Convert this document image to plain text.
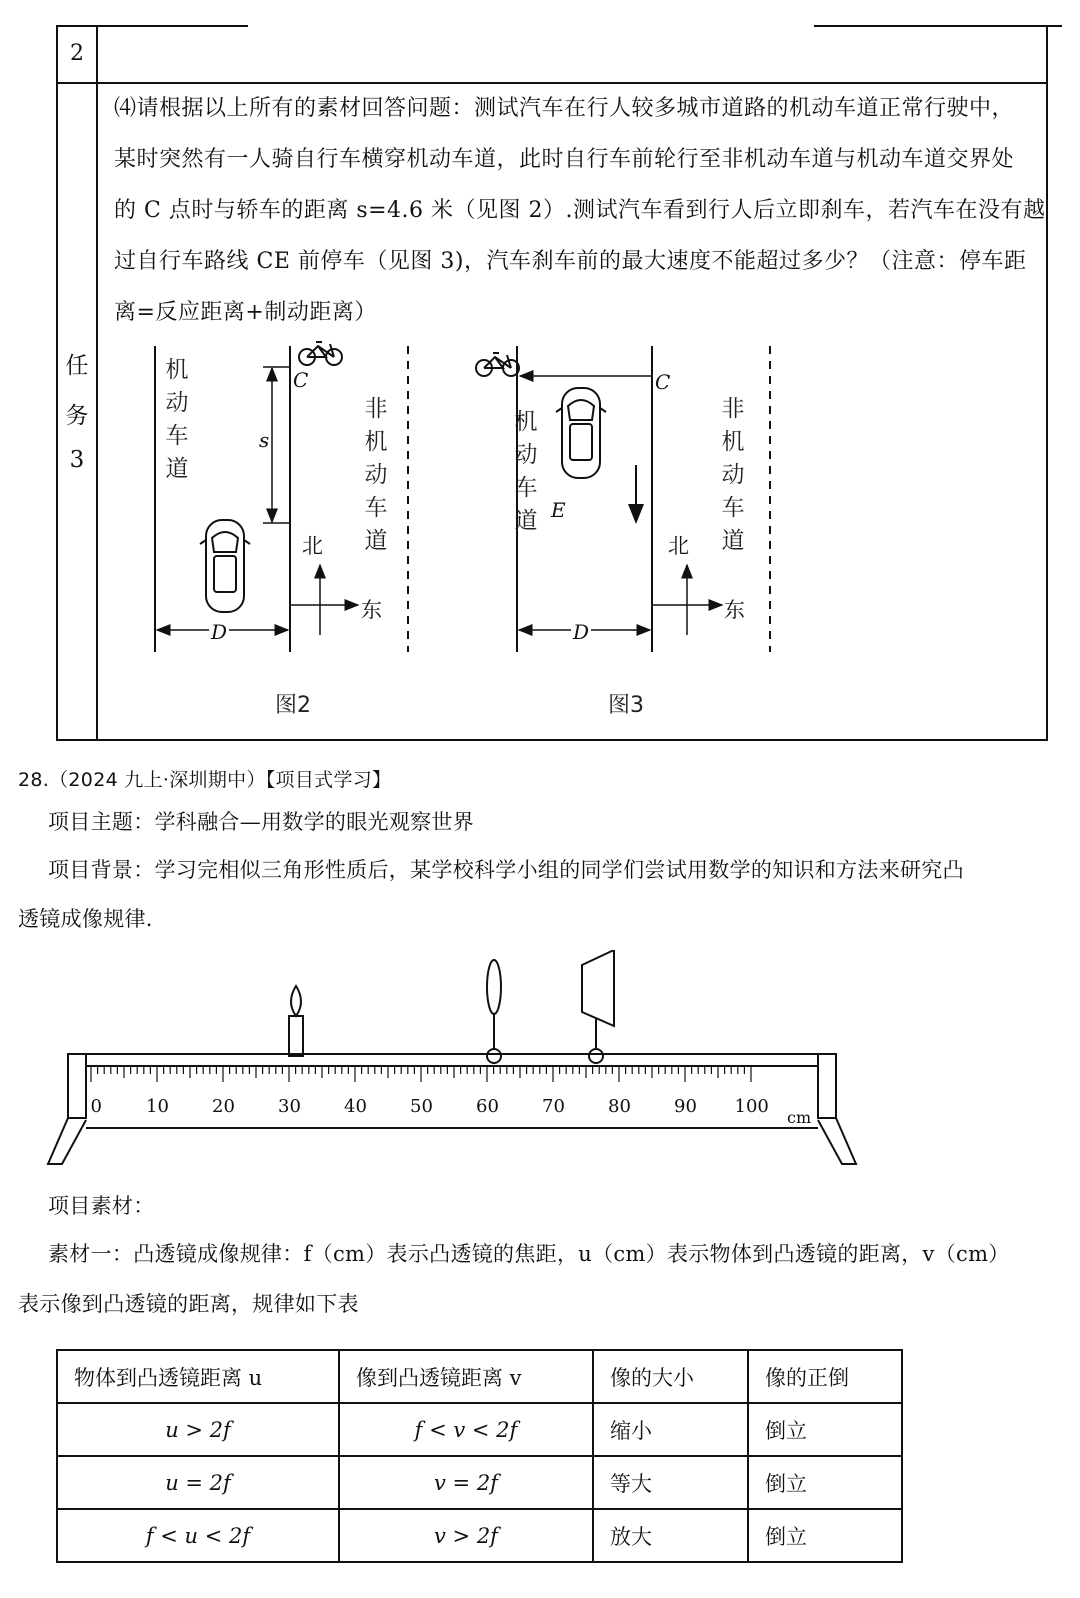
2
任
务
3

⑷请根据以上所有的素材回答问题：测试汽车在行人较多城市道路的机动车道正常行驶中，

某时突然有一人骑自行车横穿机动车道，此时自行车前轮行至非机动车道与机动车道交界处

的 C 点时与轿车的距离 s=4.6 米（见图 2）.测试汽车看到行人后立即刹车，若汽车在没有越

过自行车路线 CE 前停车（见图 3)，汽车刹车前的最大速度不能超过多少？（注意：停车距

离=反应距离+制动距离）

机
动
车
道
非
机
动
车
道
C
s
D
北
东
图2
机
动
车
道
非
机
动
车
道
C
E
D
北
东
图3
28.（2024 九上·深圳期中）【项目式学习】
项目主题：学科融合—用数学的眼光观察世界
项目背景：学习完相似三角形性质后，某学校科学小组的同学们尝试用数学的知识和方法来研究凸
透镜成像规律.
0 10 20 30 40 50 60 70 80 90 100
cm
项目素材：
素材一：凸透镜成像规律：f（cm）表示凸透镜的焦距，u（cm）表示物体到凸透镜的距离，v（cm）
表示像到凸透镜的距离，规律如下表
物体到凸透镜距离 u	像到凸透镜距离 v	像的大小	像的正倒
u > 2f	f < v < 2f	缩小	倒立
u = 2f	v = 2f	等大	倒立
f < u < 2f	v > 2f	放大	倒立
